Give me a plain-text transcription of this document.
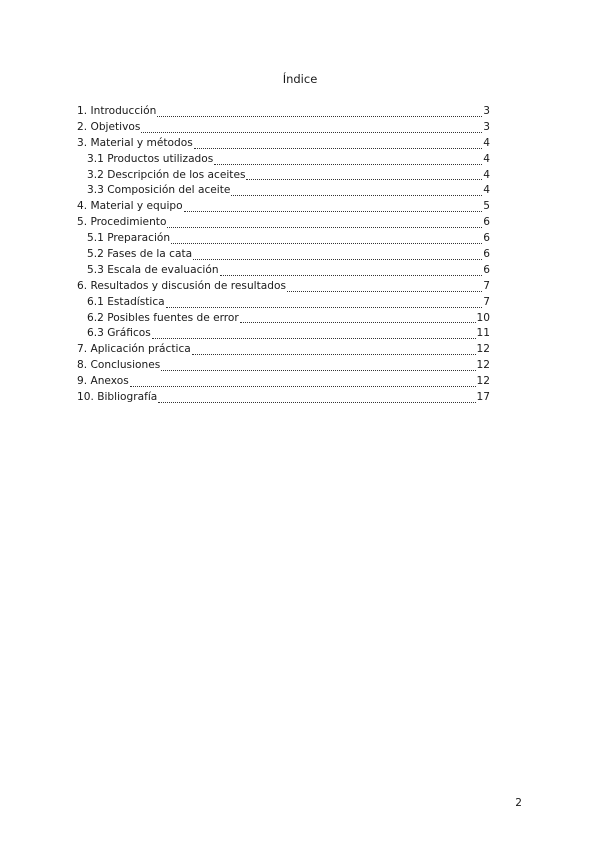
Índice
1. Introducción	3
2. Objetivos	3
3. Material y métodos	4
3.1 Productos utilizados	4
3.2 Descripción de los aceites	4
3.3 Composición del aceite	4
4. Material y equipo	5
5. Procedimiento	6
5.1 Preparación	6
5.2 Fases de la cata	6
5.3 Escala de evaluación	6
6. Resultados y discusión de resultados	7
6.1 Estadística	7
6.2 Posibles fuentes de error	10
6.3 Gráficos	11
7. Aplicación práctica	12
8. Conclusiones	12
9. Anexos	12
10. Bibliografía	17
2
